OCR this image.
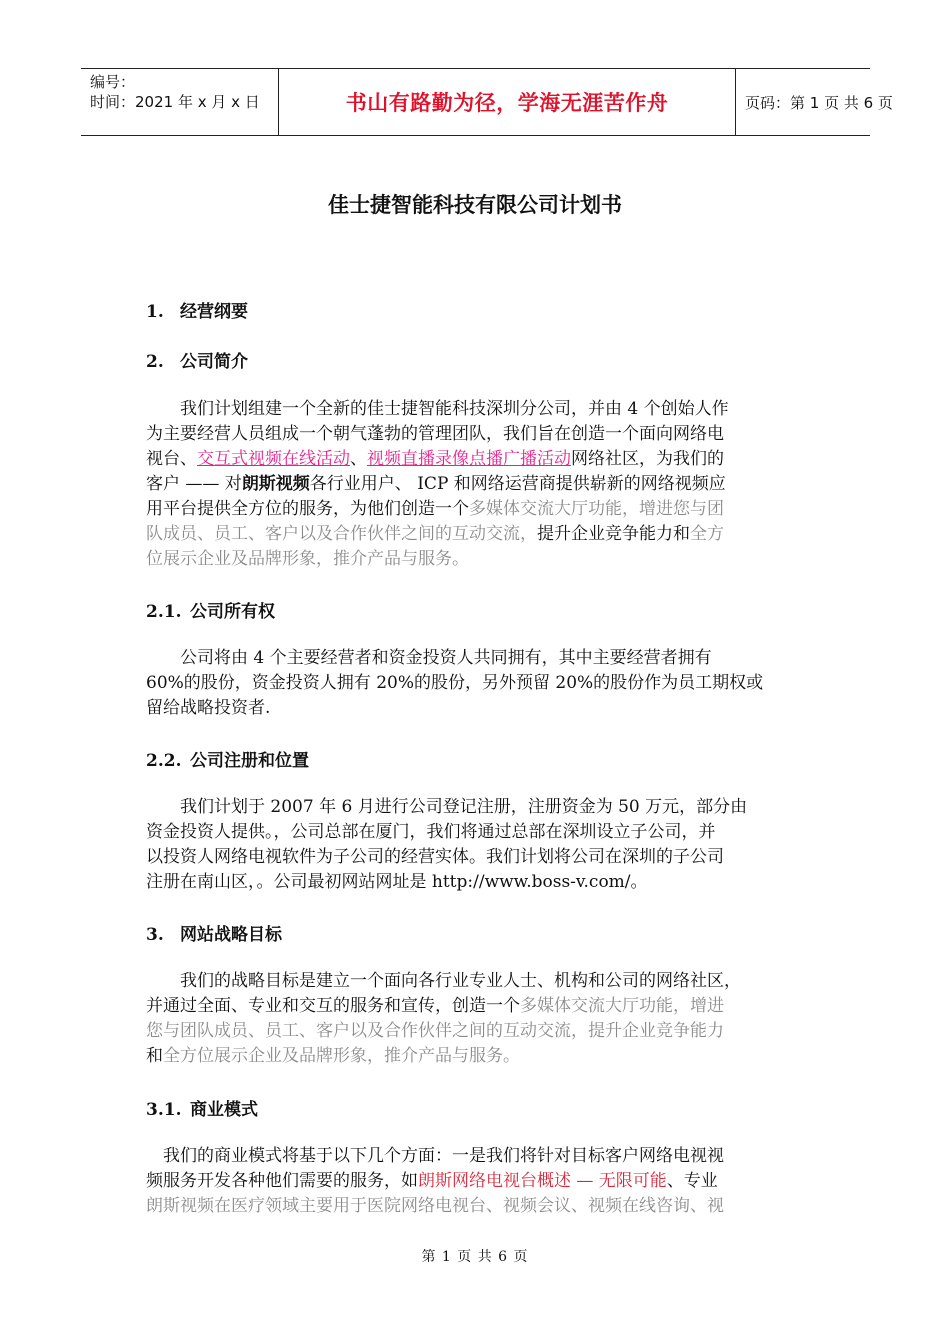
编号：
时间：2021 年 x 月 x 日	书山有路勤为径，学海无涯苦作舟	页码：第 1 页 共 6 页
佳士捷智能科技有限公司计划书
1. 经营纲要
2. 公司简介
　　我们计划组建一个全新的佳士捷智能科技深圳分公司，并由 4 个创始人作
为主要经营人员组成一个朝气蓬勃的管理团队，我们旨在创造一个面向网络电
视台、交互式视频在线活动、视频直播录像点播广播活动网络社区，为我们的
客户 —— 对朗斯视频各行业用户、 ICP 和网络运营商提供崭新的网络视频应
用平台提供全方位的服务，为他们创造一个多媒体交流大厅功能，增进您与团
队成员、员工、客户以及合作伙伴之间的互动交流，提升企业竞争能力和全方
位展示企业及品牌形象，推介产品与服务。
2.1. 公司所有权
　　公司将由 4 个主要经营者和资金投资人共同拥有，其中主要经营者拥有
60%的股份，资金投资人拥有 20%的股份，另外预留 20%的股份作为员工期权或
留给战略投资者.
2.2. 公司注册和位置
　　我们计划于 2007 年 6 月进行公司登记注册，注册资金为 50 万元，部分由
资金投资人提供。，公司总部在厦门，我们将通过总部在深圳设立子公司，并
以投资人网络电视软件为子公司的经营实体。我们计划将公司在深圳的子公司
注册在南山区，。公司最初网站网址是 http://www.boss-v.com/。
3. 网站战略目标
　　我们的战略目标是建立一个面向各行业专业人士、机构和公司的网络社区，
并通过全面、专业和交互的服务和宣传，创造一个多媒体交流大厅功能，增进
您与团队成员、员工、客户以及合作伙伴之间的互动交流，提升企业竞争能力
和全方位展示企业及品牌形象，推介产品与服务。
3.1. 商业模式
　我们的商业模式将基于以下几个方面：一是我们将针对目标客户网络电视视
频服务开发各种他们需要的服务，如朗斯网络电视台概述 — 无限可能、专业
朗斯视频在医疗领域主要用于医院网络电视台、视频会议、视频在线咨询、视
第 1 页 共 6 页
